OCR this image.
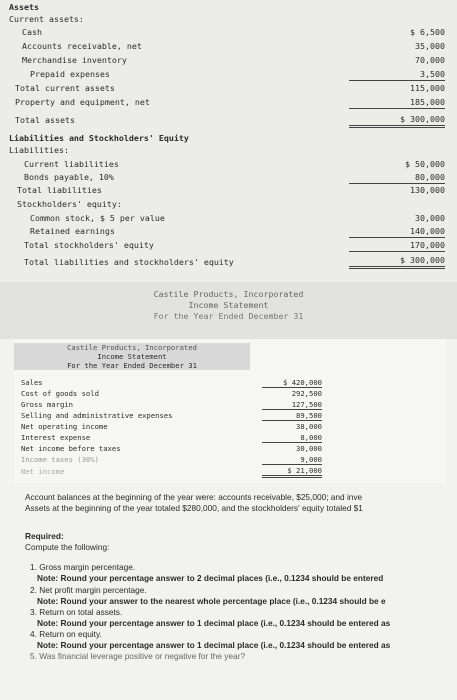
Assets
Current assets:
Cash
Accounts receivable, net
Merchandise inventory
Prepaid expenses
Total current assets
Property and equipment, net
Total assets
$ 6,500
35,000
70,000
3,500
115,000
185,000
$ 300,000
Liabilities and Stockholders' Equity
Liabilities:
Current liabilities
Bonds payable, 10%
Total liabilities
$ 50,000
80,000
130,000
Stockholders' equity:
Common stock, $ 5 per value
Retained earnings
Total stockholders' equity
Total liabilities and stockholders' equity
30,000
140,000
170,000
$ 300,000
Castile Products, Incorporated
Income Statement
For the Year Ended December 31
Castile Products, Incorporated
Income Statement
For the Year Ended December 31
Sales
Cost of goods sold
Gross margin
Selling and administrative expenses
Net operating income
Interest expense
Net income before taxes
Income taxes (30%)
Net income
$ 420,000
292,500
127,500
89,500
38,000
8,000
30,000
9,000
$ 21,000
Account balances at the beginning of the year were: accounts receivable, $25,000; and inve
Assets at the beginning of the year totaled $280,000, and the stockholders' equity totaled $1
Required:
Compute the following:
1. Gross margin percentage.
Note: Round your percentage answer to 2 decimal places (i.e., 0.1234 should be entered
2. Net profit margin percentage.
Note: Round your answer to the nearest whole percentage place (i.e., 0.1234 should be e
3. Return on total assets.
Note: Round your percentage answer to 1 decimal place (i.e., 0.1234 should be entered as
4. Return on equity.
Note: Round your percentage answer to 1 decimal place (i.e., 0.1234 should be entered as
5. Was financial leverage positive or negative for the year?
